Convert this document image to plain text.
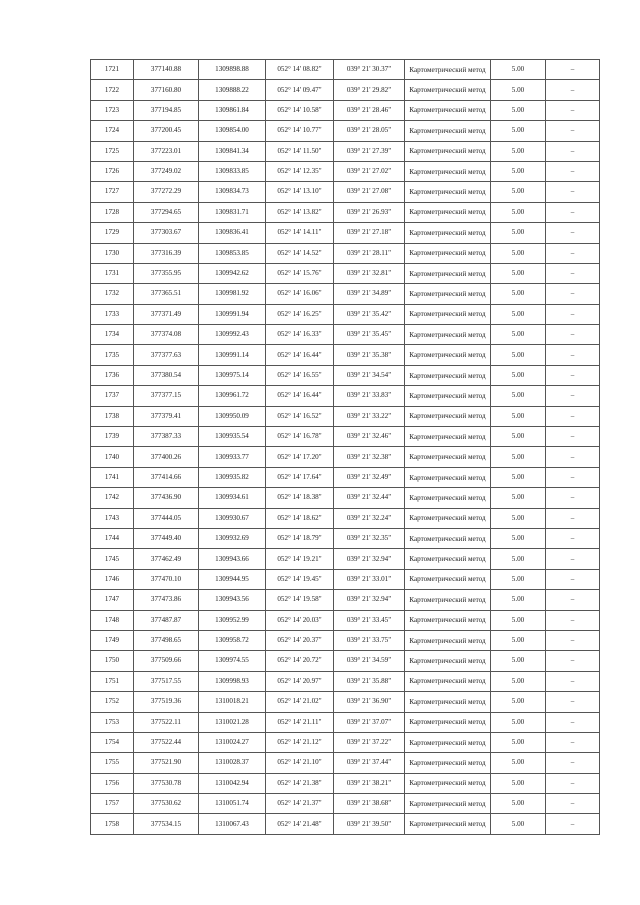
1721	377140.88	1309898.88	052° 14' 08.82"	039° 21' 30.37"	Картометрический метод	5.00	–
1722	377160.80	1309888.22	052° 14' 09.47"	039° 21' 29.82"	Картометрический метод	5.00	–
1723	377194.85	1309861.84	052° 14' 10.58"	039° 21' 28.46"	Картометрический метод	5.00	–
1724	377200.45	1309854.00	052° 14' 10.77"	039° 21' 28.05"	Картометрический метод	5.00	–
1725	377223.01	1309841.34	052° 14' 11.50"	039° 21' 27.39"	Картометрический метод	5.00	–
1726	377249.02	1309833.85	052° 14' 12.35"	039° 21' 27.02"	Картометрический метод	5.00	–
1727	377272.29	1309834.73	052° 14' 13.10"	039° 21' 27.08"	Картометрический метод	5.00	–
1728	377294.65	1309831.71	052° 14' 13.82"	039° 21' 26.93"	Картометрический метод	5.00	–
1729	377303.67	1309836.41	052° 14' 14.11"	039° 21' 27.18"	Картометрический метод	5.00	–
1730	377316.39	1309853.85	052° 14' 14.52"	039° 21' 28.11"	Картометрический метод	5.00	–
1731	377355.95	1309942.62	052° 14' 15.76"	039° 21' 32.81"	Картометрический метод	5.00	–
1732	377365.51	1309981.92	052° 14' 16.06"	039° 21' 34.89"	Картометрический метод	5.00	–
1733	377371.49	1309991.94	052° 14' 16.25"	039° 21' 35.42"	Картометрический метод	5.00	–
1734	377374.08	1309992.43	052° 14' 16.33"	039° 21' 35.45"	Картометрический метод	5.00	–
1735	377377.63	1309991.14	052° 14' 16.44"	039° 21' 35.38"	Картометрический метод	5.00	–
1736	377380.54	1309975.14	052° 14' 16.55"	039° 21' 34.54"	Картометрический метод	5.00	–
1737	377377.15	1309961.72	052° 14' 16.44"	039° 21' 33.83"	Картометрический метод	5.00	–
1738	377379.41	1309950.09	052° 14' 16.52"	039° 21' 33.22"	Картометрический метод	5.00	–
1739	377387.33	1309935.54	052° 14' 16.78"	039° 21' 32.46"	Картометрический метод	5.00	–
1740	377400.26	1309933.77	052° 14' 17.20"	039° 21' 32.38"	Картометрический метод	5.00	–
1741	377414.66	1309935.82	052° 14' 17.64"	039° 21' 32.49"	Картометрический метод	5.00	–
1742	377436.90	1309934.61	052° 14' 18.38"	039° 21' 32.44"	Картометрический метод	5.00	–
1743	377444.05	1309930.67	052° 14' 18.62"	039° 21' 32.24"	Картометрический метод	5.00	–
1744	377449.40	1309932.69	052° 14' 18.79"	039° 21' 32.35"	Картометрический метод	5.00	–
1745	377462.49	1309943.66	052° 14' 19.21"	039° 21' 32.94"	Картометрический метод	5.00	–
1746	377470.10	1309944.95	052° 14' 19.45"	039° 21' 33.01"	Картометрический метод	5.00	–
1747	377473.86	1309943.56	052° 14' 19.58"	039° 21' 32.94"	Картометрический метод	5.00	–
1748	377487.87	1309952.99	052° 14' 20.03"	039° 21' 33.45"	Картометрический метод	5.00	–
1749	377498.65	1309958.72	052° 14' 20.37"	039° 21' 33.75"	Картометрический метод	5.00	–
1750	377509.66	1309974.55	052° 14' 20.72"	039° 21' 34.59"	Картометрический метод	5.00	–
1751	377517.55	1309998.93	052° 14' 20.97"	039° 21' 35.88"	Картометрический метод	5.00	–
1752	377519.36	1310018.21	052° 14' 21.02"	039° 21' 36.90"	Картометрический метод	5.00	–
1753	377522.11	1310021.28	052° 14' 21.11"	039° 21' 37.07"	Картометрический метод	5.00	–
1754	377522.44	1310024.27	052° 14' 21.12"	039° 21' 37.22"	Картометрический метод	5.00	–
1755	377521.90	1310028.37	052° 14' 21.10"	039° 21' 37.44"	Картометрический метод	5.00	–
1756	377530.78	1310042.94	052° 14' 21.38"	039° 21' 38.21"	Картометрический метод	5.00	–
1757	377530.62	1310051.74	052° 14' 21.37"	039° 21' 38.68"	Картометрический метод	5.00	–
1758	377534.15	1310067.43	052° 14' 21.48"	039° 21' 39.50"	Картометрический метод	5.00	–
